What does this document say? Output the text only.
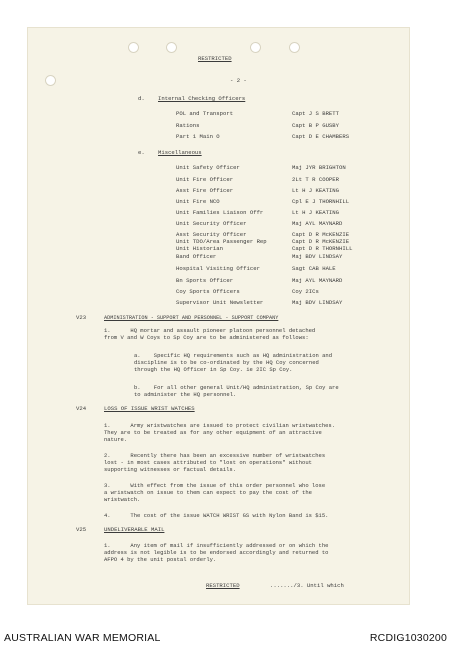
RESTRICTED
- 2 -
d. Internal Checking Officers
POL and Transport	Capt J S BRETT
Rations	Capt B P GUSBY
Part 1 Main O	Capt D E CHAMBERS
e. Miscellaneous
Unit Safety Officer	Maj JYR BRIGHTON
Unit Fire Officer	2Lt T R COOPER
Asst Fire Officer	Lt H J KEATING
Unit Fire NCO	Cpl E J THORNHILL
Unit Families Liaison Offr	Lt H J KEATING
Unit Security Officer	Maj AYL MAYNARD
Asst Security Officer	Capt D R McKENZIE
Unit TDO/Area Passenger Rep	Capt D R McKENZIE
Unit Historian	Capt D R THORNHILL
Band Officer	Maj BDV LINDSAY
Hospital Visiting Officer	Sagt CAB HALE
Bn Sports Officer	Maj AYL MAYNARD
Coy Sports Officers	Coy 2ICs
Supervisor Unit Newsletter	Maj BDV LINDSAY
V23	ADMINISTRATION - SUPPORT AND PERSONNEL - SUPPORT COMPANY
1.      HQ mortar and assault pioneer platoon personnel detached
from V and W Coys to Sp Coy are to be administered as follows:
a.    Specific HQ requirements such as HQ administration and
discipline is to be co-ordinated by the HQ Coy concerned
through the HQ Officer in Sp Coy. ie 2IC Sp Coy.
b.    For all other general Unit/HQ administration, Sp Coy are
to administer the HQ personnel.
V24	LOSS OF ISSUE WRIST WATCHES
1.      Army wristwatches are issued to protect civilian wristwatches.
They are to be treated as for any other equipment of an attractive
nature.
2.      Recently there has been an excessive number of wristwatches
lost - in most cases attributed to "lost on operations" without
supporting witnesses or factual details.
3.      With effect from the issue of this order personnel who lose
a wristwatch on issue to them can expect to pay the cost of the
wristwatch.
4.      The cost of the issue WATCH WRIST GS with Nylon Band is $15.
V25	UNDELIVERABLE MAIL
1.      Any item of mail if insufficiently addressed or on which the
address is not legible is to be endorsed accordingly and returned to
AFPO 4 by the unit postal orderly.
RESTRICTED	......./3. Until which
AUSTRALIAN WAR MEMORIAL	RCDIG1030200
